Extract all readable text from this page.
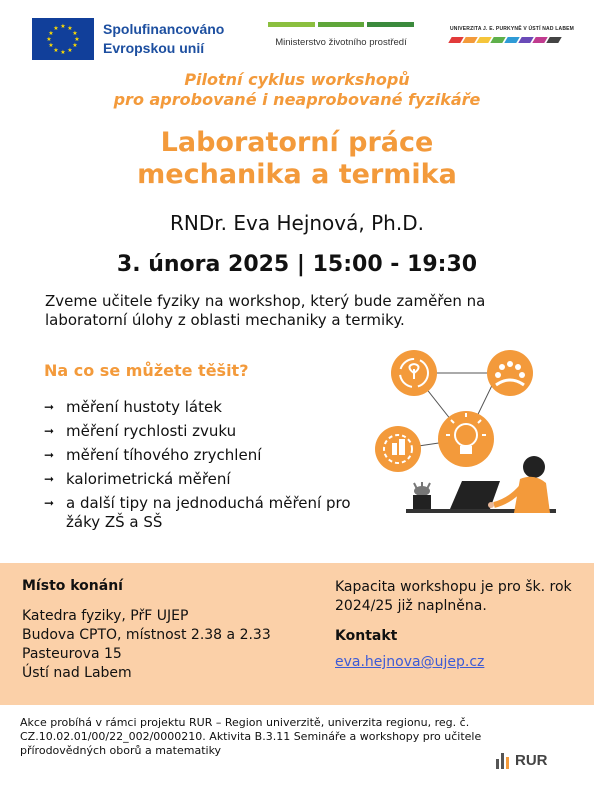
★ ★
★
★
★
★
★
★
★
★
★
★	Spolufinancováno
Evropskou unií	Ministerstvo životního prostředí
UNIVERZITA J. E. PURKYNĚ V ÚSTÍ NAD LABEM
Pilotní cyklus workshopů
pro aprobované i neaprobované fyzikáře
Laboratorní práce
mechanika a termika
RNDr. Eva Hejnová, Ph.D.
3. února 2025 | 15:00 - 19:30
Zveme učitele fyziky na workshop, který bude zaměřen na laboratorní úlohy z oblasti mechaniky a termiky.
Na co se můžete těšit?
➞ měření hustoty látek
➞ měření rychlosti zvuku
➞ měření tíhového zrychlení
➞ kalorimetrická měření
➞ a další tipy na jednoduchá měření pro žáky ZŠ a SŠ
Místo konání
Katedra fyziky, PřF UJEP
Budova CPTO, místnost 2.38 a 2.33
Pasteurova 15
Ústí nad Labem
Kapacita workshopu je pro šk. rok 2024/25 již naplněna.
Kontakt
eva.hejnova@ujep.cz
Akce probíhá v rámci projektu RUR – Region univerzitě, univerzita regionu, reg. č. CZ.10.02.01/00/22_002/0000210. Aktivita B.3.11 Semináře a workshopy pro učitele přírodovědných oborů a matematiky
RUR
